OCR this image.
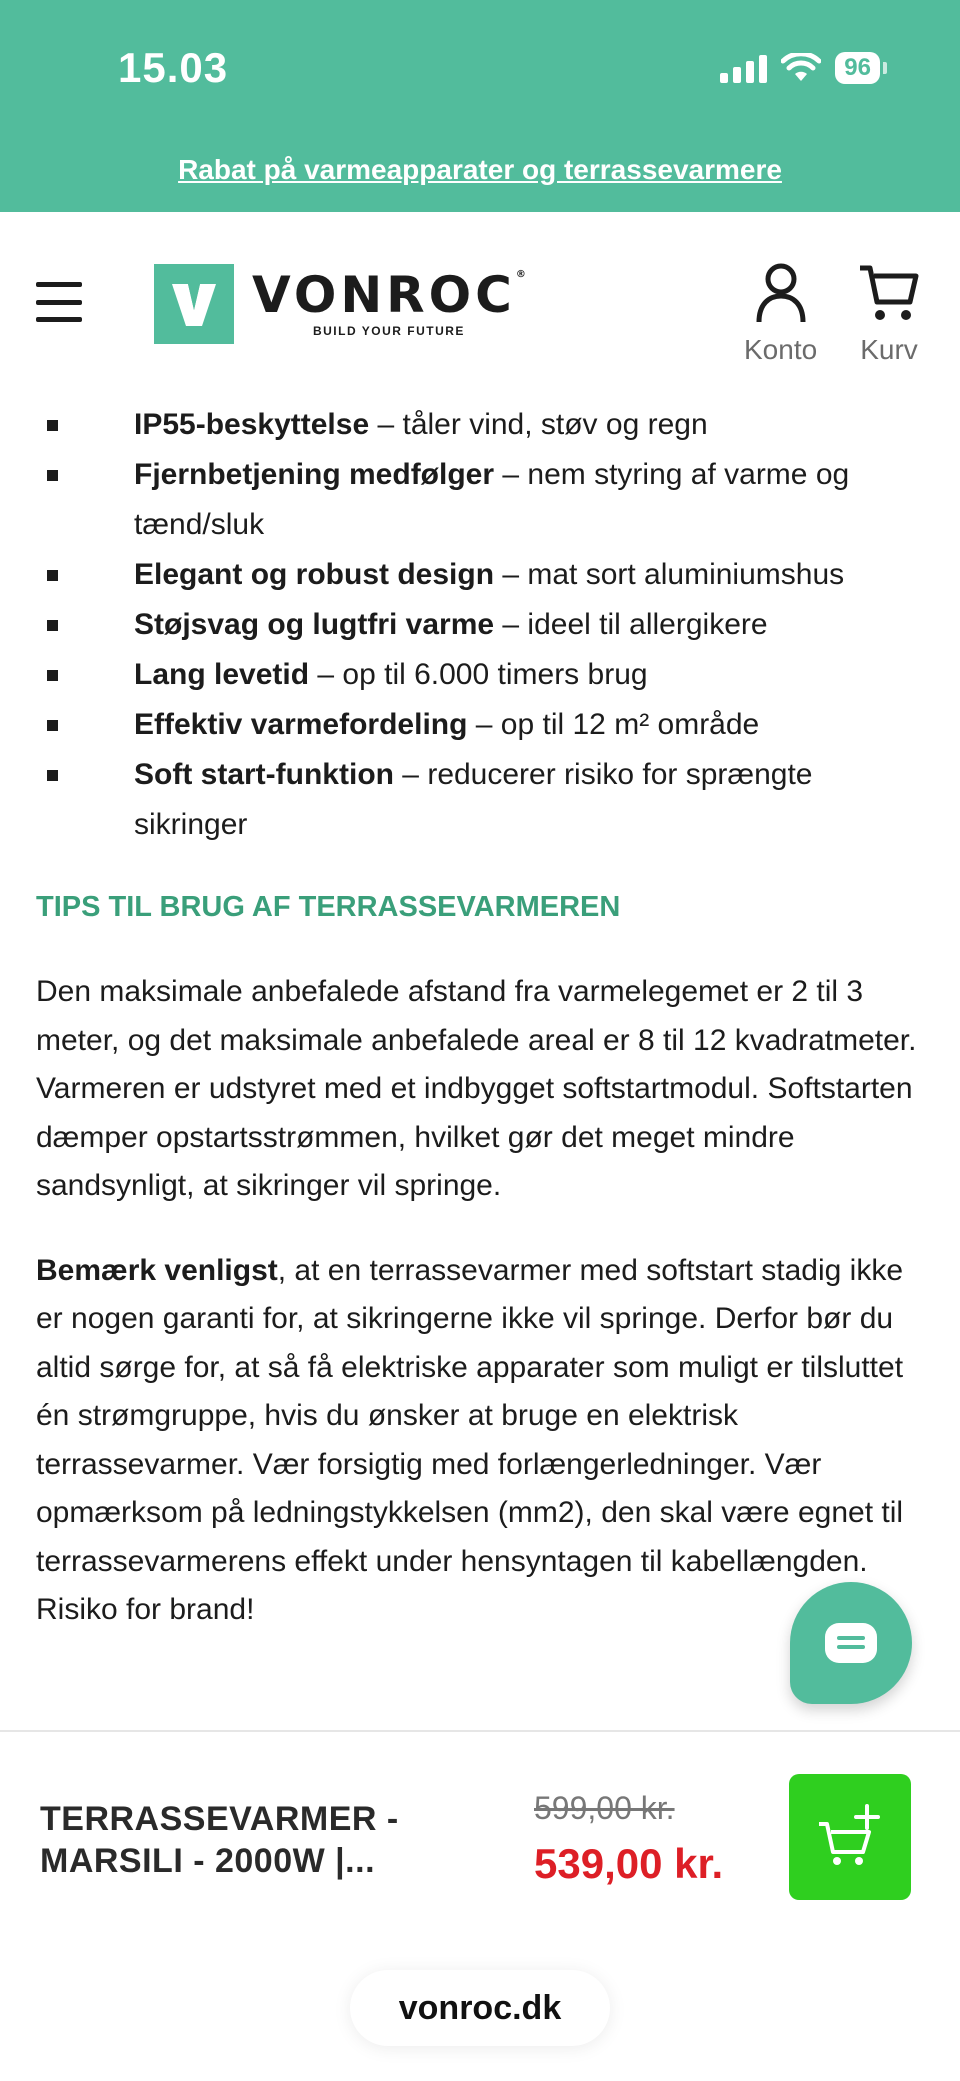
15.03	96
Rabat på varmeapparater og terrassevarmere
VONROC®
BUILD YOUR FUTURE
Konto Kurv
IP55-beskyttelse – tåler vind, støv og regn
Fjernbetjening medfølger – nem styring af varme og tænd/sluk
Elegant og robust design – mat sort aluminiumshus
Støjsvag og lugtfri varme – ideel til allergikere
Lang levetid – op til 6.000 timers brug
Effektiv varmefordeling – op til 12 m² område
Soft start-funktion – reducerer risiko for sprængte sikringer
TIPS TIL BRUG AF TERRASSEVARMEREN

Den maksimale anbefalede afstand fra varmelegemet er 2 til 3 meter, og det maksimale anbefalede areal er 8 til 12 kvadratmeter. Varmeren er udstyret med et indbygget softstartmodul. Softstarten dæmper opstartsstrømmen, hvilket gør det meget mindre sandsynligt, at sikringer vil springe.

Bemærk venligst, at en terrassevarmer med softstart stadig ikke er nogen garanti for, at sikringerne ikke vil springe. Derfor bør du altid sørge for, at så få elektriske apparater som muligt er tilsluttet én strømgruppe, hvis du ønsker at bruge en elektrisk terrassevarmer. Vær forsigtig med forlængerledninger. Vær opmærksom på ledningstykkelsen (mm2), den skal være egnet til terrassevarmerens effekt under hensyntagen til kabellængden. Risiko for brand!

TERRASSEVARMER - MARSILI - 2000W |...
599,00 kr.
539,00 kr.
vonroc.dk
